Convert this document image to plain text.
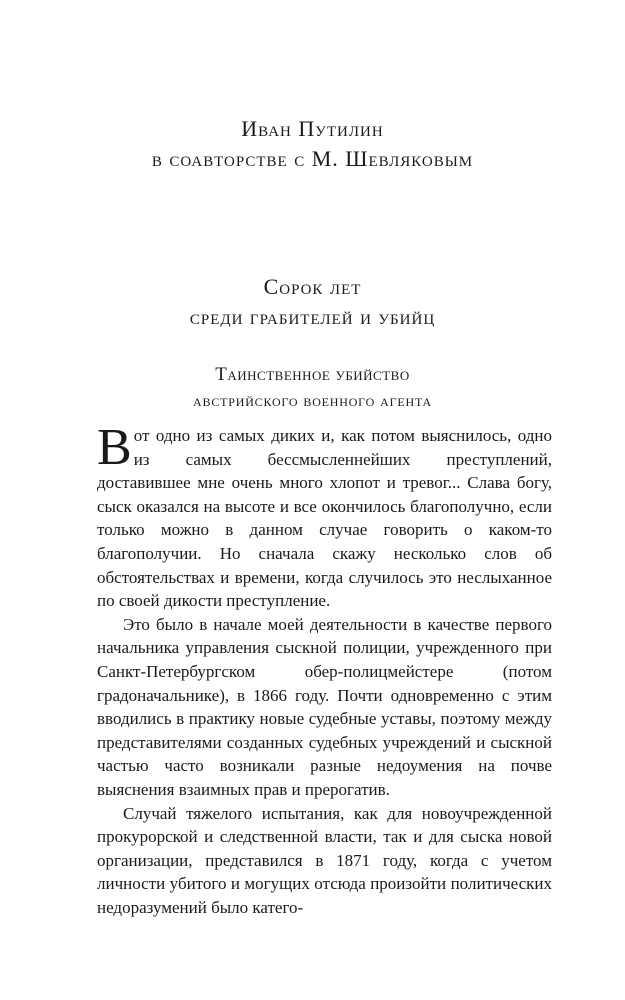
Иван Путилин
в соавторстве с М. Шевляковым
Сорок лет
среди грабителей и убийц
Таинственное убийство
австрийского военного агента

Вот одно из самых диких и, как потом выяснилось, одно из самых бессмысленнейших преступлений, доставившее мне очень много хлопот и тревог... Слава богу, сыск оказался на высоте и все окончилось благополучно, если только можно в данном случае говорить о каком-то благополучии. Но сначала скажу несколько слов об обстоятельствах и времени, когда случилось это неслыханное по своей дикости преступление.

Это было в начале моей деятельности в качестве первого начальника управления сыскной полиции, учрежденного при Санкт-Петербургском обер-полицмейстере (потом градоначальнике), в 1866 году. Почти одновременно с этим вводились в практику новые судебные уставы, поэтому между представителями созданных судебных учреждений и сыскной частью часто возникали разные недоумения на почве выяснения взаимных прав и прерогатив.

Случай тяжелого испытания, как для новоучрежденной прокурорской и следственной власти, так и для сыска новой организации, представился в 1871 году, когда с учетом личности убитого и могущих отсюда произойти политических недоразумений было катего-
